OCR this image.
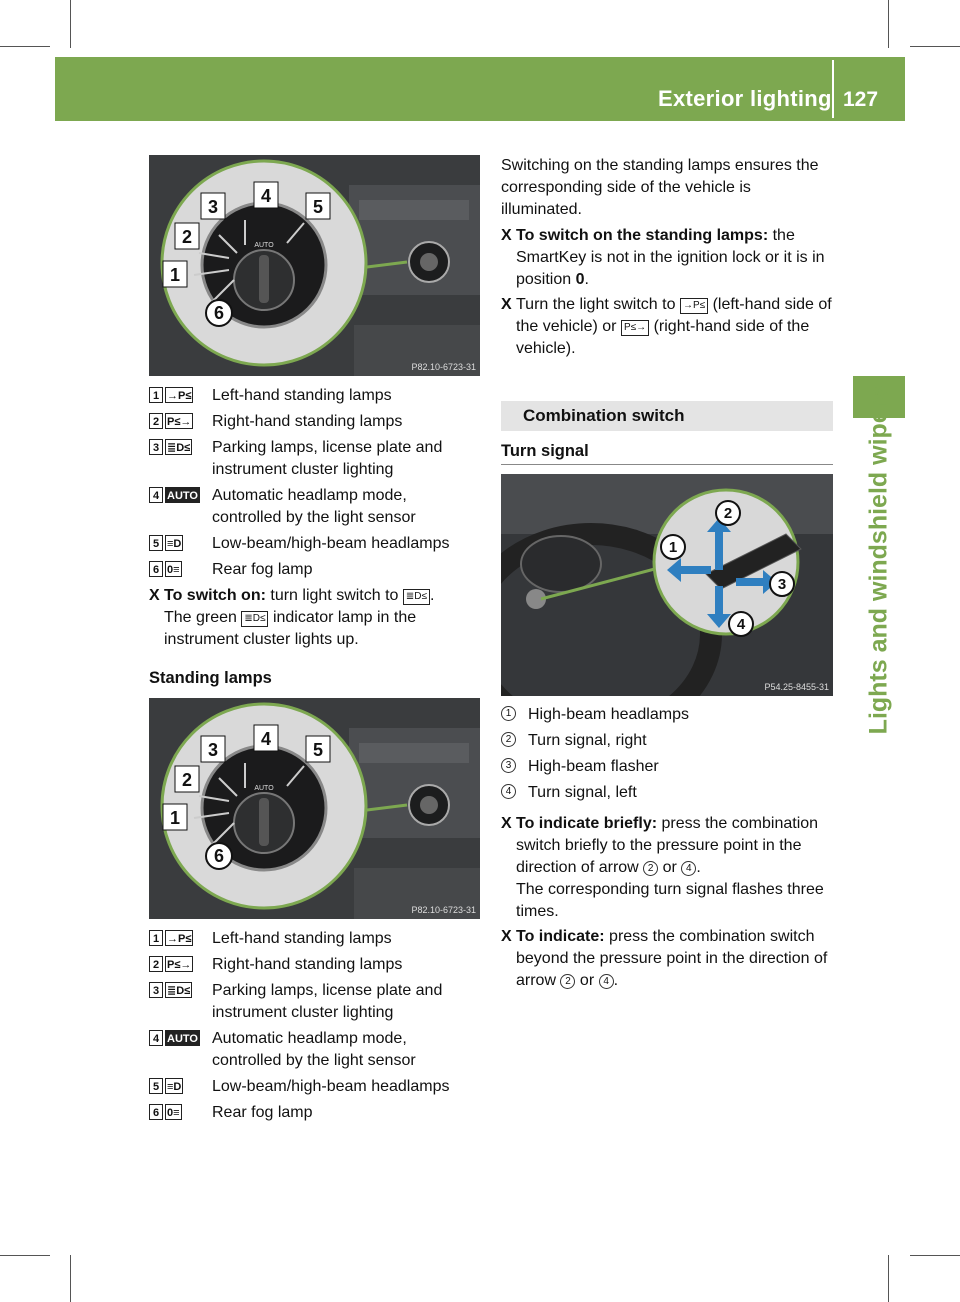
Exterior lighting 127
Lights and windshield wipers
AUTO
4
5
3
2
1
6
P82.10-6723-31
1 →P≤ Left-hand standing lamps
2 P≤→ Right-hand standing lamps
3 ≣D≤ Parking lamps, license plate and instrument cluster lighting
4 AUTO Automatic headlamp mode, controlled by the light sensor
5 ≡D Low-beam/high-beam headlamps
6 0≡ Rear fog lamp
X To switch on: turn light switch to ≣D≤ .
The green ≣D≤ indicator lamp in the instrument cluster lights up.
Standing lamps
AUTO
4
5
3
2
1
6
P82.10-6723-31
1 →P≤ Left-hand standing lamps
2 P≤→ Right-hand standing lamps
3 ≣D≤ Parking lamps, license plate and instrument cluster lighting
4 AUTO Automatic headlamp mode, controlled by the light sensor
5 ≡D Low-beam/high-beam headlamps
6 0≡ Rear fog lamp
Switching on the standing lamps ensures the corresponding side of the vehicle is illuminated.
X To switch on the standing lamps: the SmartKey is not in the ignition lock or it is in position 0.
X Turn the light switch to →P≤ (left-hand side of the vehicle) or P≤→ (right-hand side of the vehicle).
Combination switch
Turn signal
1
2
3
4
P54.25-8455-31
1 High-beam headlamps
2 Turn signal, right
3 High-beam flasher
4 Turn signal, left
X To indicate briefly: press the combination switch briefly to the pressure point in the direction of arrow 2 or 4 .
The corresponding turn signal flashes three times.
X To indicate: press the combination switch beyond the pressure point in the direction of arrow 2 or 4 .
